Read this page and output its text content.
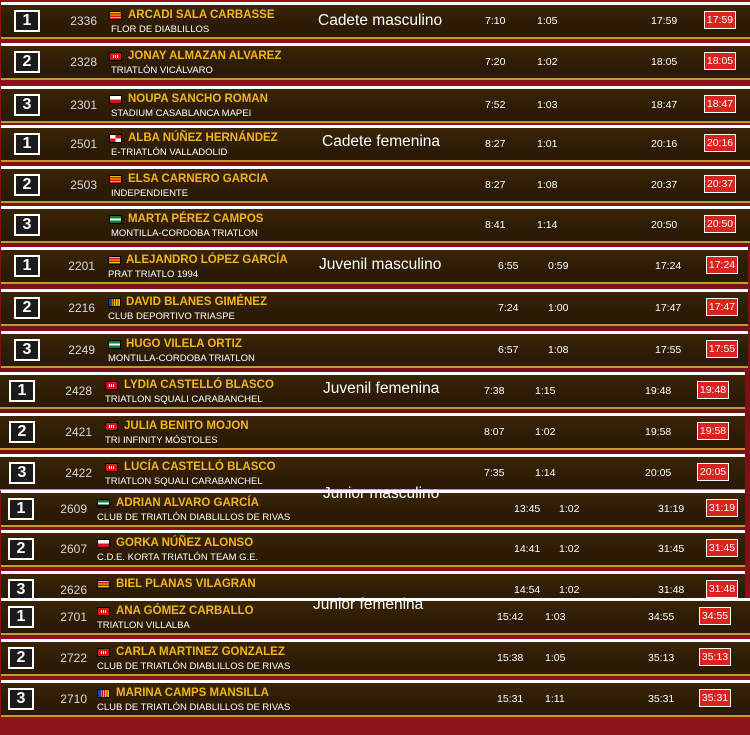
1	2336	ARCADI SALA CARBASSE
FLOR DE DIABLILLOS
7:10	1:05	17:59	17:59
2	2328	JONAY ALMAZAN ALVAREZ
TRIATLÓN VICÁLVARO
7:20	1:02	18:05	18:05
3	2301	NOUPA SANCHO ROMAN
STADIUM CASABLANCA MAPEI
7:52	1:03	18:47	18:47
1	2501	ALBA NÚÑEZ HERNÁNDEZ
E-TRIATLÓN VALLADOLID
8:27	1:01	20:16	20:16
2	2503	ELSA CARNERO GARCIA
INDEPENDIENTE
8:27	1:08	20:37	20:37
3	MARTA PÉREZ CAMPOS
MONTILLA-CORDOBA TRIATLON
8:41	1:14	20:50	20:50
1	2201	ALEJANDRO LÓPEZ GARCÍA
PRAT TRIATLO 1994
6:55	0:59	17:24	17:24
2	2216	DAVID BLANES GIMÉNEZ
CLUB DEPORTIVO TRIASPE
7:24	1:00	17:47	17:47
3	2249	HUGO VILELA ORTIZ
MONTILLA-CORDOBA TRIATLON
6:57	1:08	17:55	17:55
1	2428	LYDIA CASTELLÓ BLASCO
TRIATLON SQUALI CARABANCHEL
7:38	1:15	19:48	19:48
2	2421	JULIA BENITO MOJON
TRI INFINITY MÓSTOLES
8:07	1:02	19:58	19:58
3	2422	LUCÍA CASTELLÓ BLASCO
TRIATLON SQUALI CARABANCHEL
7:35	1:14	20:05	20:05
1	2609	ADRIAN ALVARO GARCÍA
CLUB DE TRIATLÓN DIABLILLOS DE RIVAS
13:45 1:02	31:19 31:19
2	2607	GORKA NÚÑEZ ALONSO
C.D.E. KORTA TRIATLÓN TEAM G.E.
14:41 1:02	31:45 31:45
3	2626	BIEL PLANAS VILAGRAN	14:54 1:02	31:48 31:48
1	2701	ANA GÓMEZ CARBALLO
TRIATLON VILLALBA
15:42 1:03	34:55	34:55
2	2722	CARLA MARTINEZ GONZALEZ
CLUB DE TRIATLÓN DIABLILLOS DE RIVAS
15:38 1:05	35:13	35:13
3	2710	MARINA CAMPS MANSILLA
CLUB DE TRIATLÓN DIABLILLOS DE RIVAS
15:31 1:11	35:31	35:31
Cadete masculino
Cadete femenina
Juvenil masculino
Juvenil femenina
Junior masculino
Junior femenina
